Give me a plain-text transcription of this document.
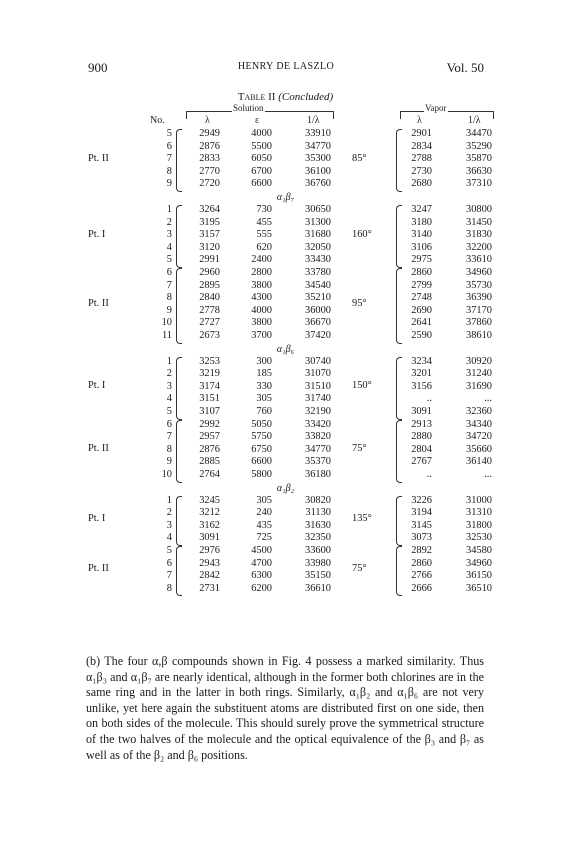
900	HENRY DE LASZLO	Vol. 50
Table II (Concluded)
Solution	Vapor
No.	λ	ε	1/λ	λ	1/λ
5	2949	4000	33910	2901	34470
6	2876	5500	34770	2834	35290
7	2833	6050	35300	2788	35870
8	2770	6700	36100	2730	36630
9	2720	6600	36760	2680	37310
Pt. II	85°
α₁β₇
1	3264	730	30650	3247	30800
2	3195	455	31300	3180	31450
3	3157	555	31680	3140	31830
4	3120	620	32050	3106	32200
5	2991	2400	33430	2975	33610
Pt. I	160°
6	2960	2800	33780	2860	34960
7	2895	3800	34540	2799	35730
8	2840	4300	35210	2748	36390
9	2778	4000	36000	2690	37170
10	2727	3800	36670	2641	37860
11	2673	3700	37420	2590	38610
Pt. II	95°
α₁β₆
1	3253	300	30740	3234	30920
2	3219	185	31070	3201	31240
3	3174	330	31510	3156	31690
4	3151	305	31740	..	...
5	3107	760	32190	3091	32360
Pt. I	150°
6	2992	5050	33420	2913	34340
7	2957	5750	33820	2880	34720
8	2876	6750	34770	2804	35660
9	2885	6600	35370	2767	36140
10	2764	5800	36180	..	...
Pt. II	75°
α₁β₂
1	3245	305	30820	3226	31000
2	3212	240	31130	3194	31310
3	3162	435	31630	3145	31800
4	3091	725	32350	3073	32530
Pt. I	135°
5	2976	4500	33600	2892	34580
6	2943	4700	33980	2860	34960
7	2842	6300	35150	2766	36150
8	2731	6200	36610	2666	36510
Pt. II	75°
(b) The four α,β compounds shown in Fig. 4 possess a marked similarity. Thus α₁β₃ and α₁β₇ are nearly identical, although in the former both chlorines are in the same ring and in the latter in both rings. Similarly, α₁β₂ and α₁β₆ are not very unlike, yet here again the substituent atoms are distributed first on one side, then on both sides of the molecule. This should surely prove the symmetrical structure of the two halves of the molecule and the optical equivalence of the β₃ and β₇ as well as of the β₂ and β₆ positions.
